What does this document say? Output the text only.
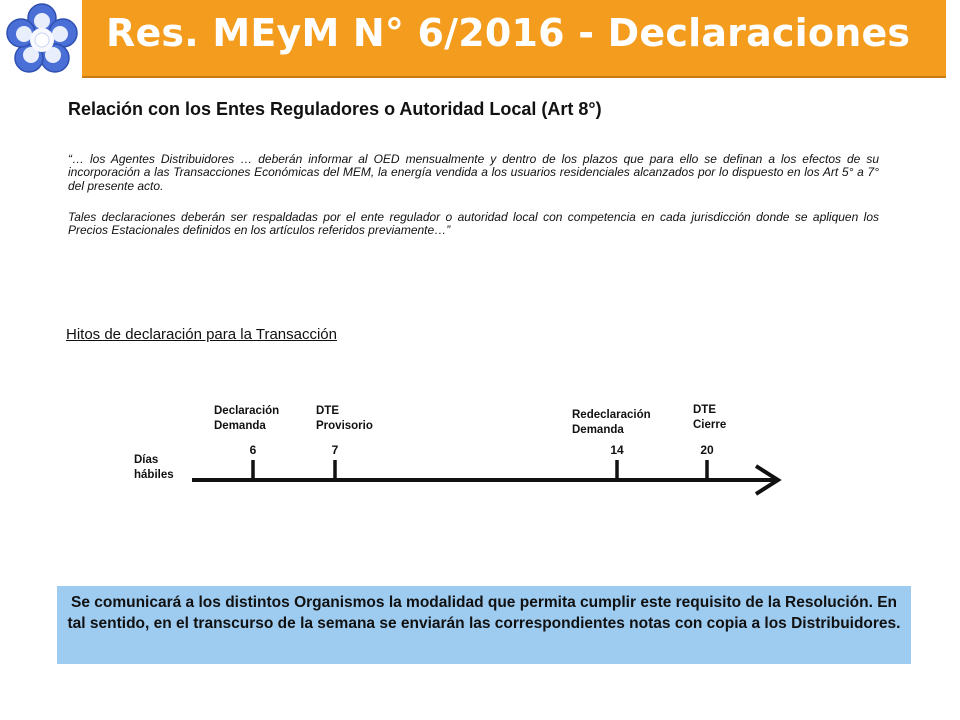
Res. MEyM N° 6/2016 - Declaraciones
Relación con los Entes Reguladores o Autoridad Local (Art 8°)
“… los Agentes Distribuidores … deberán informar al OED mensualmente y dentro de los plazos que para ello se definan a los efectos de su incorporación a las Transacciones Económicas del MEM, la energía vendida a los usuarios residenciales alcanzados por lo dispuesto en los Art 5° a 7° del presente acto.
Tales declaraciones deberán ser respaldadas por el ente regulador o autoridad local con competencia en cada jurisdicción donde se apliquen los Precios Estacionales definidos en los artículos referidos previamente…”
Hitos de declaración para la Transacción
Días
hábiles
Declaración
Demanda
DTE
Provisorio
Redeclaración
Demanda
DTE
Cierre
6	7	14	20
Se comunicará a los distintos Organismos la modalidad que permita cumplir este requisito de la Resolución. En tal sentido, en el transcurso de la semana se enviarán las correspondientes notas con copia a los Distribuidores.
